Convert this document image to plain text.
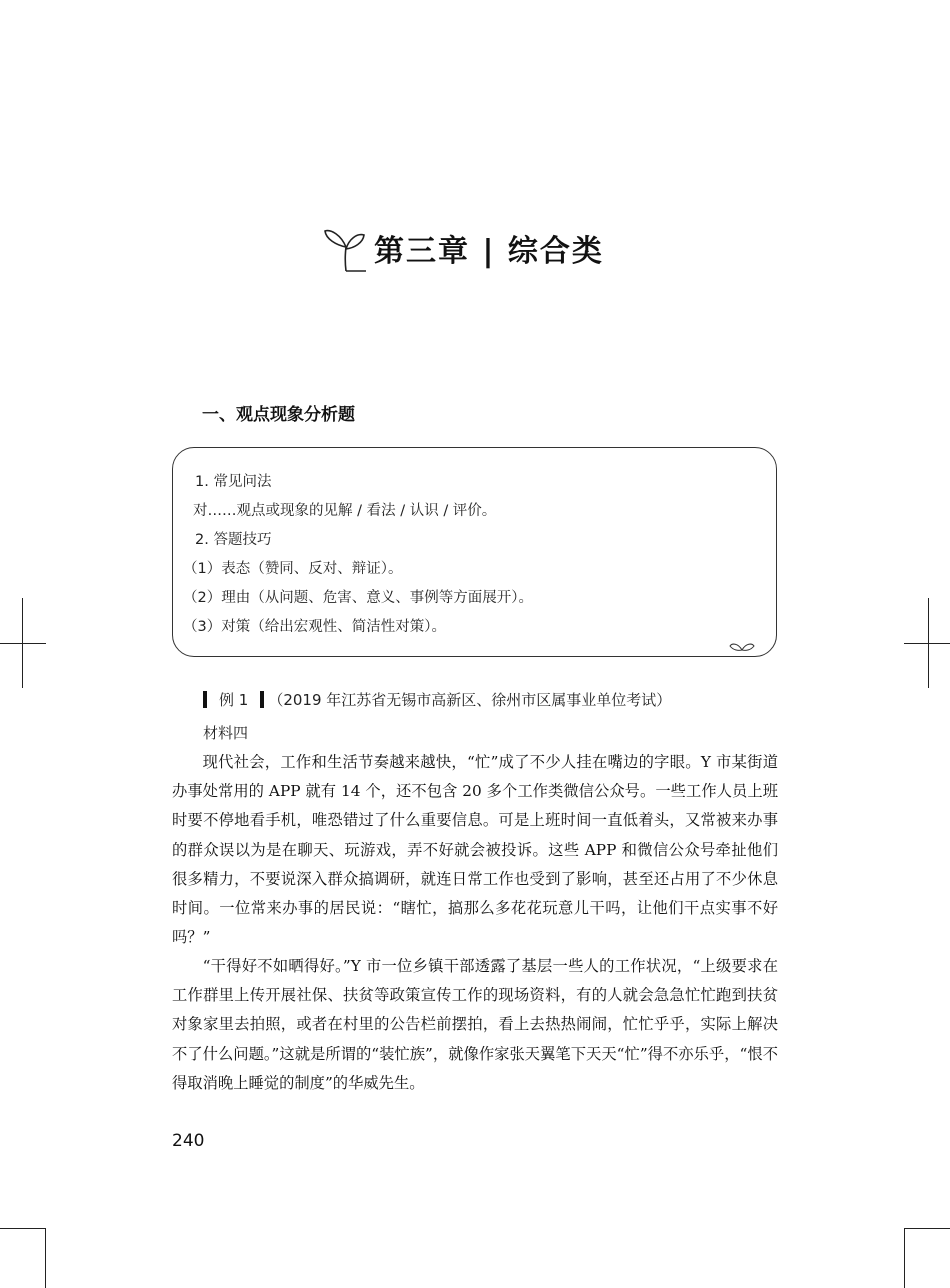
第三章 | 综合类
一、观点现象分析题
1. 常见问法
对……观点或现象的见解 / 看法 / 认识 / 评价。
2. 答题技巧
（1）表态（赞同、反对、辩证）。
（2）理由（从问题、危害、意义、事例等方面展开）。
（3）对策（给出宏观性、简洁性对策）。
例 1 （2019 年江苏省无锡市高新区、徐州市区属事业单位考试）
材料四

现代社会，工作和生活节奏越来越快，“忙”成了不少人挂在嘴边的字眼。Y 市某街道办事处常用的 APP 就有 14 个，还不包含 20 多个工作类微信公众号。一些工作人员上班时要不停地看手机，唯恐错过了什么重要信息。可是上班时间一直低着头，又常被来办事的群众误以为是在聊天、玩游戏，弄不好就会被投诉。这些 APP 和微信公众号牵扯他们很多精力，不要说深入群众搞调研，就连日常工作也受到了影响，甚至还占用了不少休息时间。一位常来办事的居民说：“瞎忙，搞那么多花花玩意儿干吗，让他们干点实事不好吗？”

“干得好不如晒得好。”Y 市一位乡镇干部透露了基层一些人的工作状况，“上级要求在工作群里上传开展社保、扶贫等政策宣传工作的现场资料，有的人就会急急忙忙跑到扶贫对象家里去拍照，或者在村里的公告栏前摆拍，看上去热热闹闹，忙忙乎乎，实际上解决不了什么问题。”这就是所谓的“装忙族”，就像作家张天翼笔下天天“忙”得不亦乐乎，“恨不得取消晚上睡觉的制度”的华威先生。

240
